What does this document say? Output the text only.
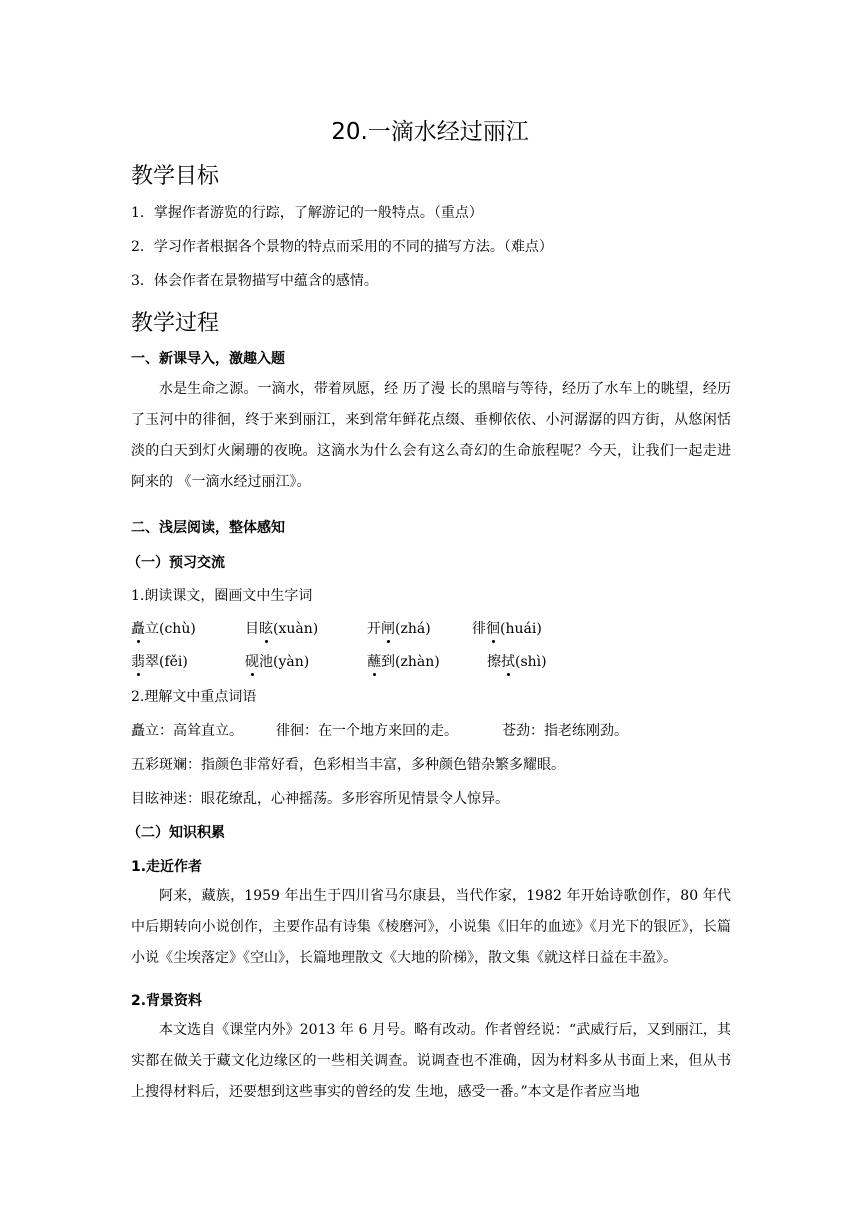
20.一滴水经过丽江
教学目标
1．掌握作者游览的行踪，了解游记的一般特点。（重点）
2．学习作者根据各个景物的特点而采用的不同的描写方法。（难点）
3．体会作者在景物描写中蕴含的感情。
教学过程
一、新课导入，激趣入题
水是生命之源。一滴水，带着夙愿，经 历了漫 长的黑暗与等待，经历了水车上的眺望，经历了玉河中的徘徊，终于来到丽江，来到常年鲜花点缀、垂柳依依、小河潺潺的四方街，从悠闲恬淡的白天到灯火阑珊的夜晚。这滴水为什么会有这么奇幻的生命旅程呢？今天，让我们一起走进阿来的 《一滴水经过丽江》。
二、浅层阅读，整体感知
（一）预习交流
1.朗读课文，圈画文中生字词
矗立(chù)	目眩(xuàn)	开闸(zhá)	徘徊(huái)
翡翠(fěi)	砚池(yàn)	蘸到(zhàn)	擦拭(shì)
2.理解文中重点词语
矗立：高耸直立。 徘徊：在一个地方来回的走。	苍劲：指老练刚劲。
五彩斑斓：指颜色非常好看，色彩相当丰富，多种颜色错杂繁多耀眼。
目眩神迷：眼花缭乱，心神摇荡。多形容所见情景令人惊异。
（二）知识积累
1.走近作者
阿来，藏族，1959 年出生于四川省马尔康县，当代作家，1982 年开始诗歌创作，80 年代中后期转向小说创作，主要作品有诗集《棱磨河》，小说集《旧年的血迹》《月光下的银匠》，长篇 小说《尘埃落定》《空山》，长篇地理散文《大地的阶梯》，散文集《就这样日益在丰盈》。
2.背景资料
本文选自《课堂内外》2013 年 6 月号。略有改动。作者曾经说：“武威行后，又到丽江，其实都在做关于藏文化边缘区的一些相关调查。说调查也不准确，因为材料多从书面上来，但从书上搜得材料后，还要想到这些事实的曾经的发 生地，感受一番。”本文是作者应当地
